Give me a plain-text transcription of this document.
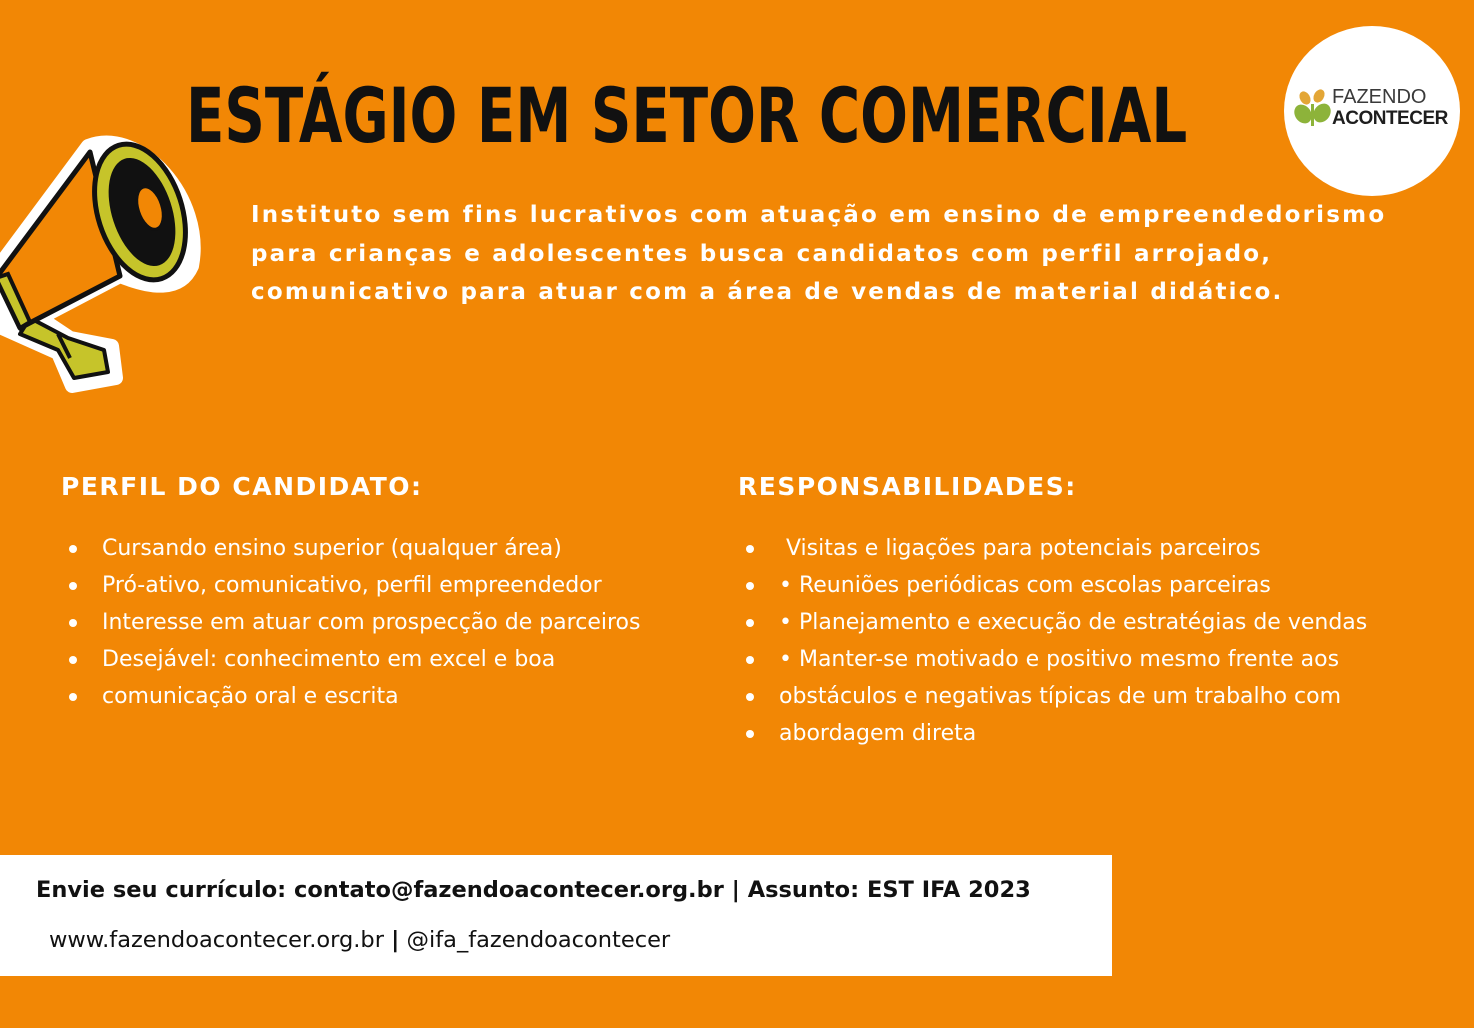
ESTÁGIO EM SETOR COMERCIAL	FAZENDO
ACONTECER

Instituto sem fins lucrativos com atuação em ensino de empreendedorismo para crianças e adolescentes busca candidatos com perfil arrojado, comunicativo para atuar com a área de vendas de material didático.

PERFIL DO CANDIDATO:
Cursando ensino superior (qualquer área)
Pró-ativo, comunicativo, perfil empreendedor
Interesse em atuar com prospecção de parceiros
Desejável: conhecimento em excel e boa
comunicação oral e escrita
RESPONSABILIDADES:
Visitas e ligações para potenciais parceiros
• Reuniões periódicas com escolas parceiras
• Planejamento e execução de estratégias de vendas
• Manter-se motivado e positivo mesmo frente aos
obstáculos e negativas típicas de um trabalho com
abordagem direta
Envie seu currículo: contato@fazendoacontecer.org.br | Assunto: EST IFA 2023
www.fazendoacontecer.org.br | @ifa_fazendoacontecer
